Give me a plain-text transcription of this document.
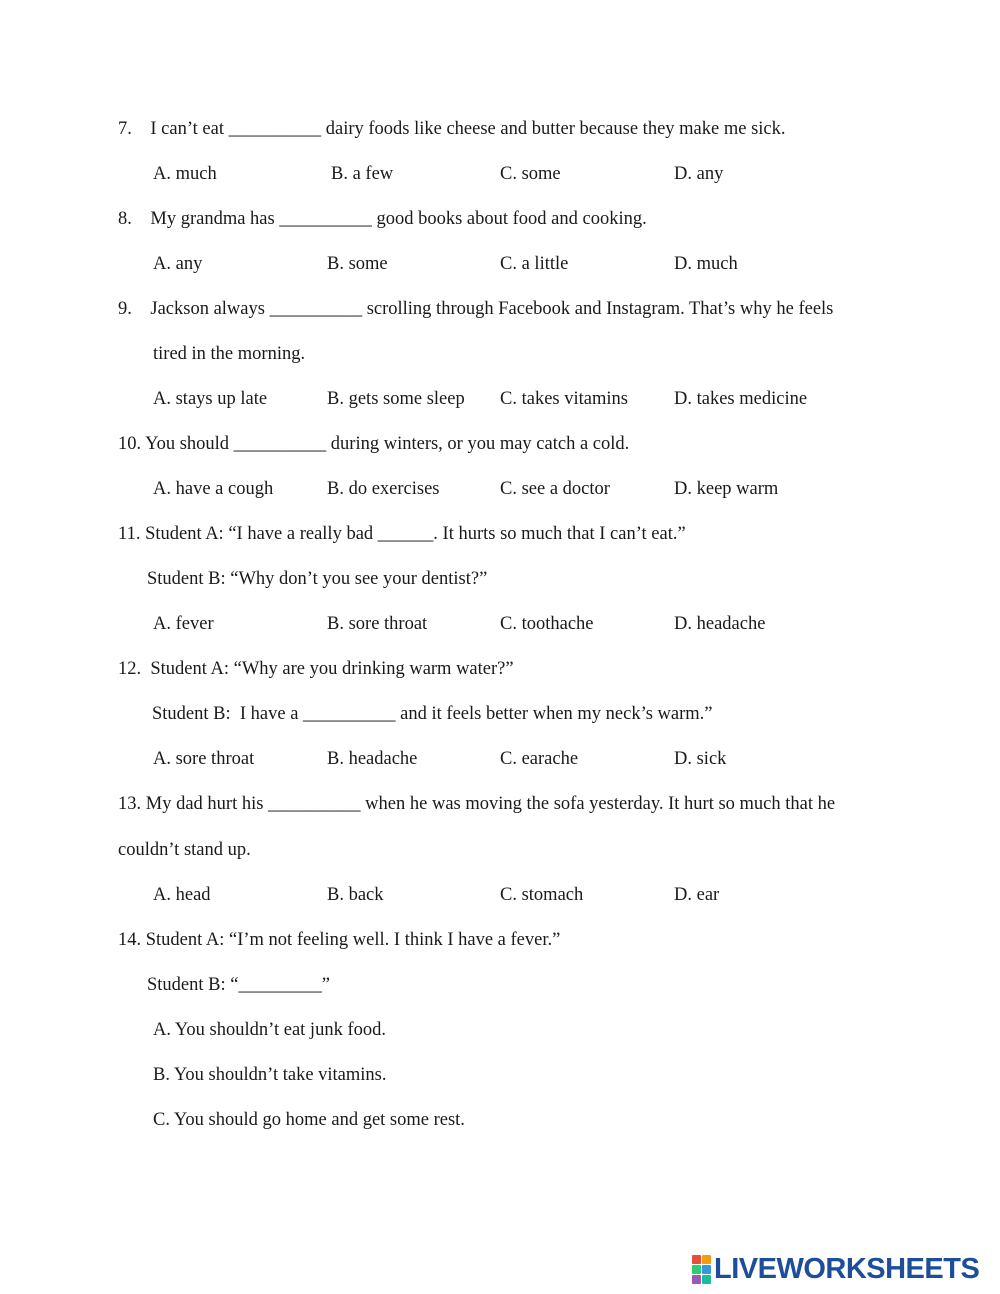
7.    I can’t eat __________ dairy foods like cheese and butter because they make me sick.
A. much	B. a few	C. some	D. any
8.    My grandma has __________ good books about food and cooking.
A. any	B. some	C. a little	D. much
9.    Jackson always __________ scrolling through Facebook and Instagram. That’s why he feels
tired in the morning.
A. stays up late	B. gets some sleep C. takes vitamins D. takes medicine
10. You should __________ during winters, or you may catch a cold.
A. have a cough	B. do exercises	C. see a doctor	D. keep warm
11. Student A: “I have a really bad ______. It hurts so much that I can’t eat.”
Student B: “Why don’t you see your dentist?”
A. fever	B. sore throat	C. toothache	D. headache
12.  Student A: “Why are you drinking warm water?”
Student B:  I have a __________ and it feels better when my neck’s warm.”
A. sore throat	B. headache	C. earache	D. sick
13. My dad hurt his __________ when he was moving the sofa yesterday. It hurt so much that he
couldn’t stand up.
A. head	B. back	C. stomach	D. ear
14. Student A: “I’m not feeling well. I think I have a fever.”
Student B: “_________”
A. You shouldn’t eat junk food.
B. You shouldn’t take vitamins.
C. You should go home and get some rest.
LIVEWORKSHEETS
